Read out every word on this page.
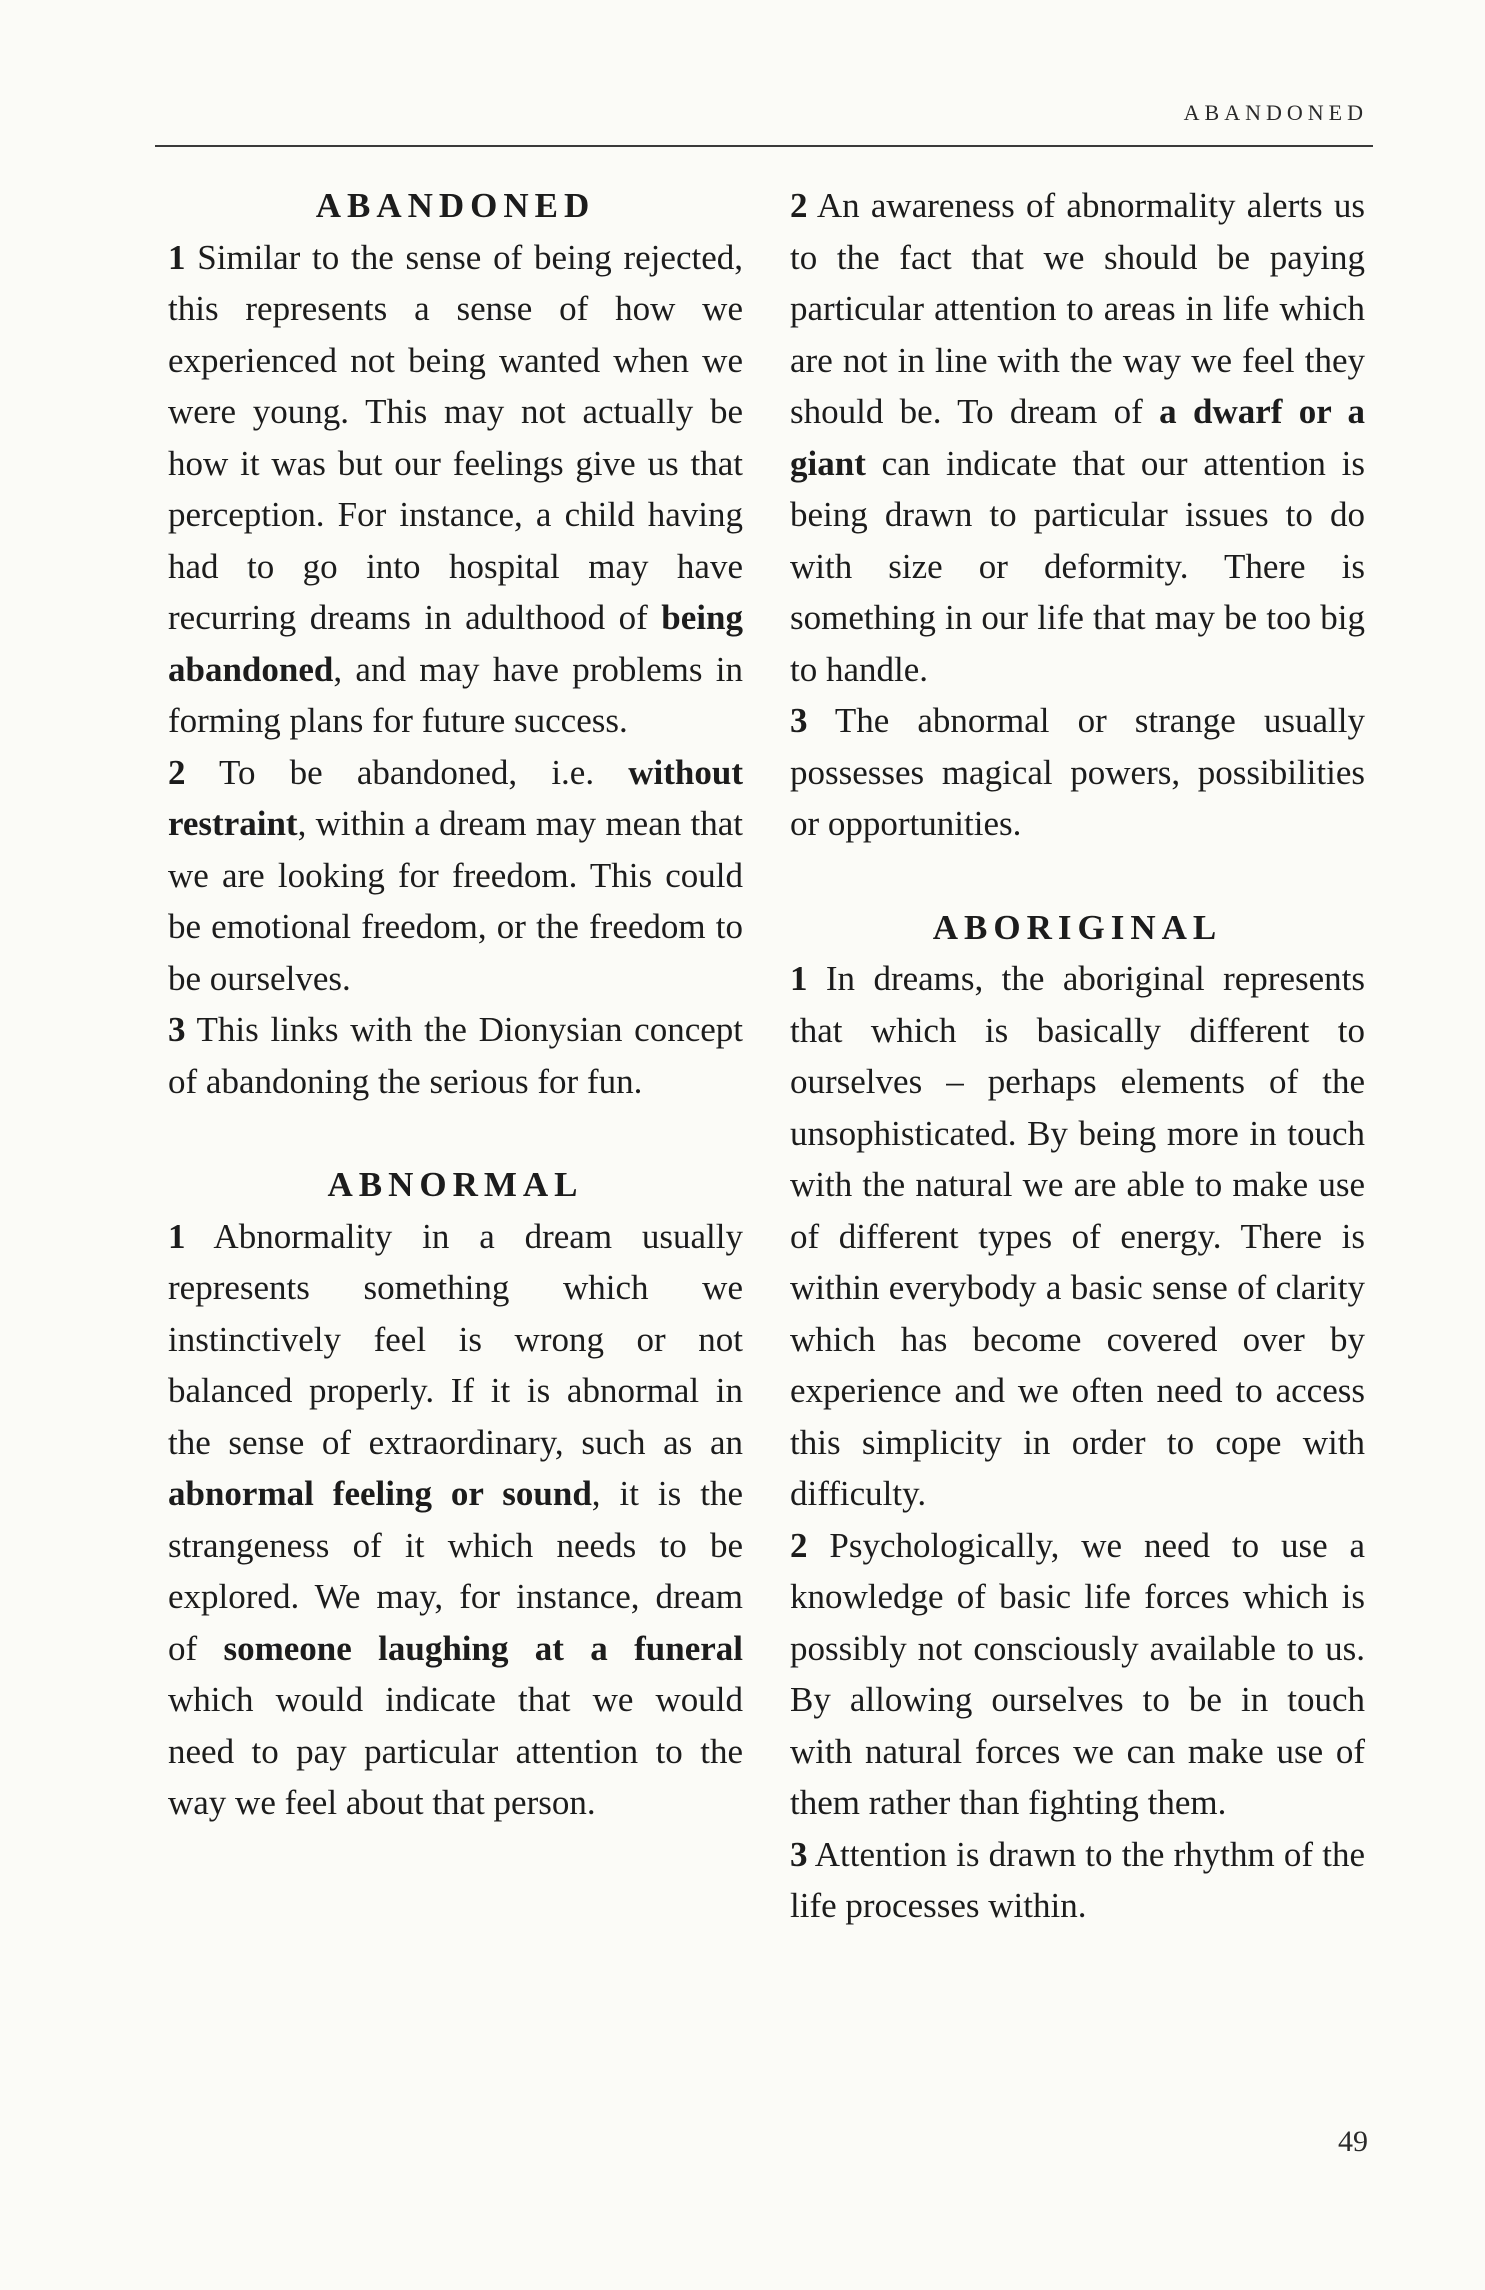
ABANDONED
ABANDONED

1 Similar to the sense of being rejected, this represents a sense of how we experienced not being wanted when we were young. This may not actually be how it was but our feelings give us that perception. For instance, a child having had to go into hospital may have recurring dreams in adulthood of being abandoned, and may have problems in forming plans for future success.

2 To be abandoned, i.e. without restraint, within a dream may mean that we are looking for freedom. This could be emotional freedom, or the freedom to be ourselves.

3 This links with the Dionysian concept of abandoning the serious for fun.

ABNORMAL

1 Abnormality in a dream usually represents something which we instinctively feel is wrong or not balanced properly. If it is abnormal in the sense of extraordinary, such as an abnormal feeling or sound, it is the strangeness of it which needs to be explored. We may, for instance, dream of someone laughing at a funeral which would indicate that we would need to pay particular attention to the way we feel about that person.

2 An awareness of abnormality alerts us to the fact that we should be paying particular attention to areas in life which are not in line with the way we feel they should be. To dream of a dwarf or a giant can indicate that our attention is being drawn to particular issues to do with size or deformity. There is something in our life that may be too big to handle.

3 The abnormal or strange usually possesses magical powers, possibilities or opportunities.

ABORIGINAL

1 In dreams, the aboriginal represents that which is basically different to ourselves – perhaps elements of the unsophisticated. By being more in touch with the natural we are able to make use of different types of energy. There is within everybody a basic sense of clarity which has become covered over by experience and we often need to access this simplicity in order to cope with difficulty.

2 Psychologically, we need to use a knowledge of basic life forces which is possibly not consciously available to us. By allowing ourselves to be in touch with natural forces we can make use of them rather than fighting them.

3 Attention is drawn to the rhythm of the life processes within.

49
